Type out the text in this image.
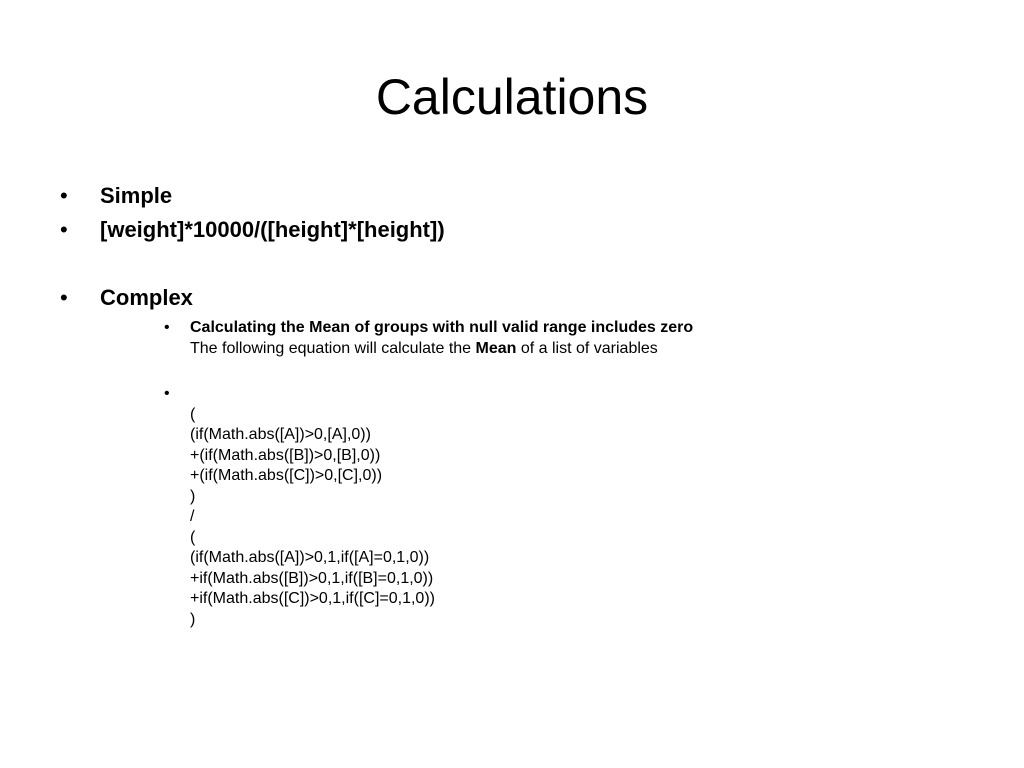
Calculations
• Simple
• [weight]*10000/([height]*[height])
• Complex
• Calculating the Mean of groups with null valid range includes zero
The following equation will calculate the Mean of a list of variables
•

(
(if(Math.abs([A])>0,[A],0))
+(if(Math.abs([B])>0,[B],0))
+(if(Math.abs([C])>0,[C],0))
)
/
(
(if(Math.abs([A])>0,1,if([A]=0,1,0))
+if(Math.abs([B])>0,1,if([B]=0,1,0))
+if(Math.abs([C])>0,1,if([C]=0,1,0))
)
